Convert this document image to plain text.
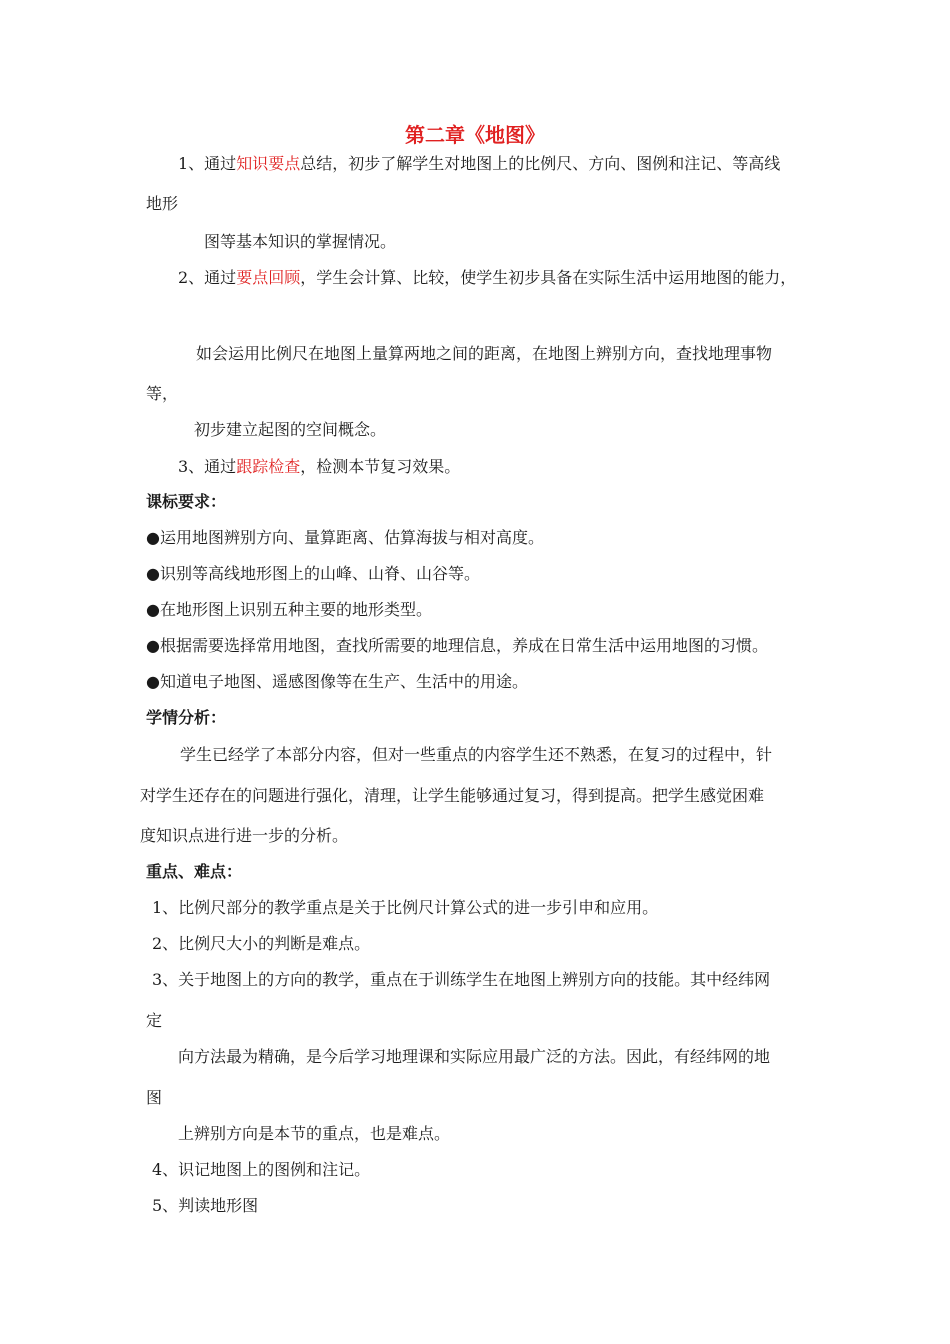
第二章《地图》
1、通过知识要点总结，初步了解学生对地图上的比例尺、方向、图例和注记、等高线
地形
图等基本知识的掌握情况。
2、通过要点回顾，学生会计算、比较，使学生初步具备在实际生活中运用地图的能力，
如会运用比例尺在地图上量算两地之间的距离，在地图上辨别方向，查找地理事物
等，
初步建立起图的空间概念。
3、通过跟踪检查，检测本节复习效果。
课标要求：
●运用地图辨别方向、量算距离、估算海拔与相对高度。
●识别等高线地形图上的山峰、山脊、山谷等。
●在地形图上识别五种主要的地形类型。
●根据需要选择常用地图，查找所需要的地理信息，养成在日常生活中运用地图的习惯。
●知道电子地图、遥感图像等在生产、生活中的用途。
学情分析：
学生已经学了本部分内容，但对一些重点的内容学生还不熟悉，在复习的过程中，针
对学生还存在的问题进行强化，清理，让学生能够通过复习，得到提高。把学生感觉困难
度知识点进行进一步的分析。
重点、难点：
1、比例尺部分的教学重点是关于比例尺计算公式的进一步引申和应用。
2、比例尺大小的判断是难点。
3、关于地图上的方向的教学，重点在于训练学生在地图上辨别方向的技能。其中经纬网
定
向方法最为精确，是今后学习地理课和实际应用最广泛的方法。因此，有经纬网的地
图
上辨别方向是本节的重点，也是难点。
4、识记地图上的图例和注记。
5、判读地形图
